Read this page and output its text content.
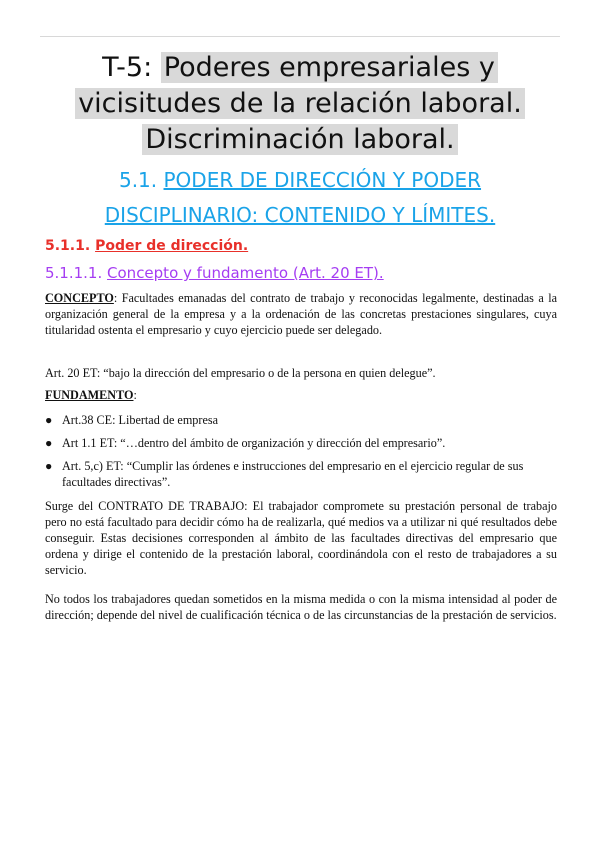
T-5: Poderes empresariales y
vicisitudes de la relación laboral.
Discriminación laboral.
5.1. PODER DE DIRECCIÓN Y PODER
DISCIPLINARIO: CONTENIDO Y LÍMITES.
5.1.1. Poder de dirección.
5.1.1.1. Concepto y fundamento (Art. 20 ET).
CONCEPTO: Facultades emanadas del contrato de trabajo y reconocidas legalmente, destinadas a la organización general de la empresa y a la ordenación de las concretas prestaciones singulares, cuya titularidad ostenta el empresario y cuyo ejercicio puede ser delegado.
Art. 20 ET: “bajo la dirección del empresario o de la persona en quien delegue”.
FUNDAMENTO:
● Art.38 CE: Libertad de empresa
● Art 1.1 ET: “…dentro del ámbito de organización y dirección del empresario”.
● Art. 5,c) ET: “Cumplir las órdenes e instrucciones del empresario en el ejercicio regular de sus facultades directivas”.
Surge del CONTRATO DE TRABAJO: El trabajador compromete su prestación personal de trabajo pero no está facultado para decidir cómo ha de realizarla, qué medios va a utilizar ni qué resultados debe conseguir. Estas decisiones corresponden al ámbito de las facultades directivas del empresario que ordena y dirige el contenido de la prestación laboral, coordinándola con el resto de trabajadores a su servicio.
No todos los trabajadores quedan sometidos en la misma medida o con la misma intensidad al poder de dirección; depende del nivel de cualificación técnica o de las circunstancias de la prestación de servicios.
